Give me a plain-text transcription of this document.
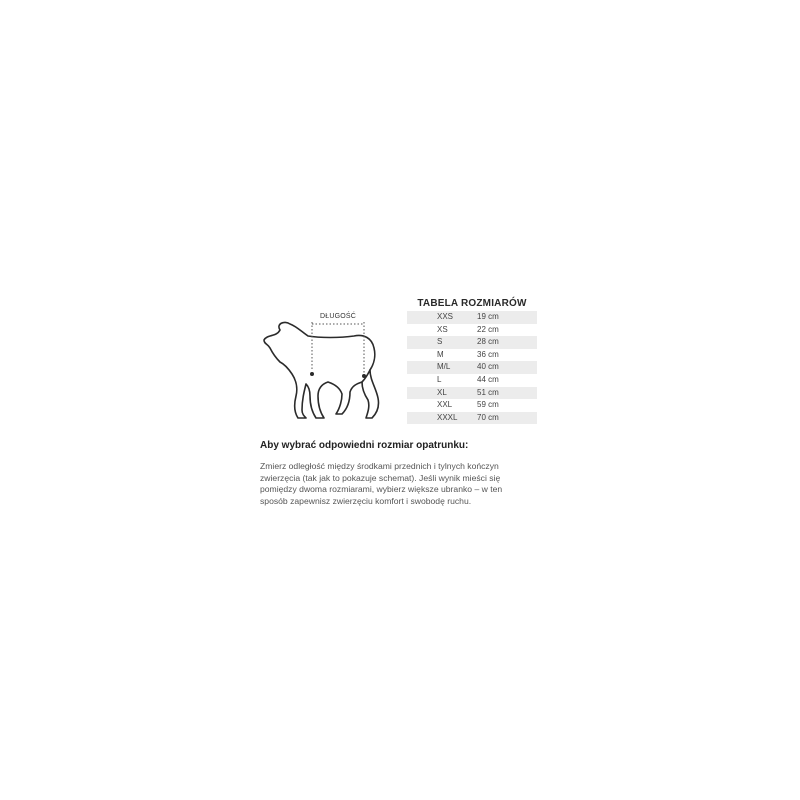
DŁUGOŚĆ
TABELA ROZMIARÓW
XXS	19 cm
XS	22 cm
S	28 cm
M	36 cm
M/L	40 cm
L	44 cm
XL	51 cm
XXL	59 cm
XXXL	70 cm
Aby wybrać odpowiedni rozmiar opatrunku:
Zmierz odległość między środkami przednich i tylnych kończyn
zwierzęcia (tak jak to pokazuje schemat). Jeśli wynik mieści się
pomiędzy dwoma rozmiarami, wybierz większe ubranko – w ten
sposób zapewnisz zwierzęciu komfort i swobodę ruchu.
